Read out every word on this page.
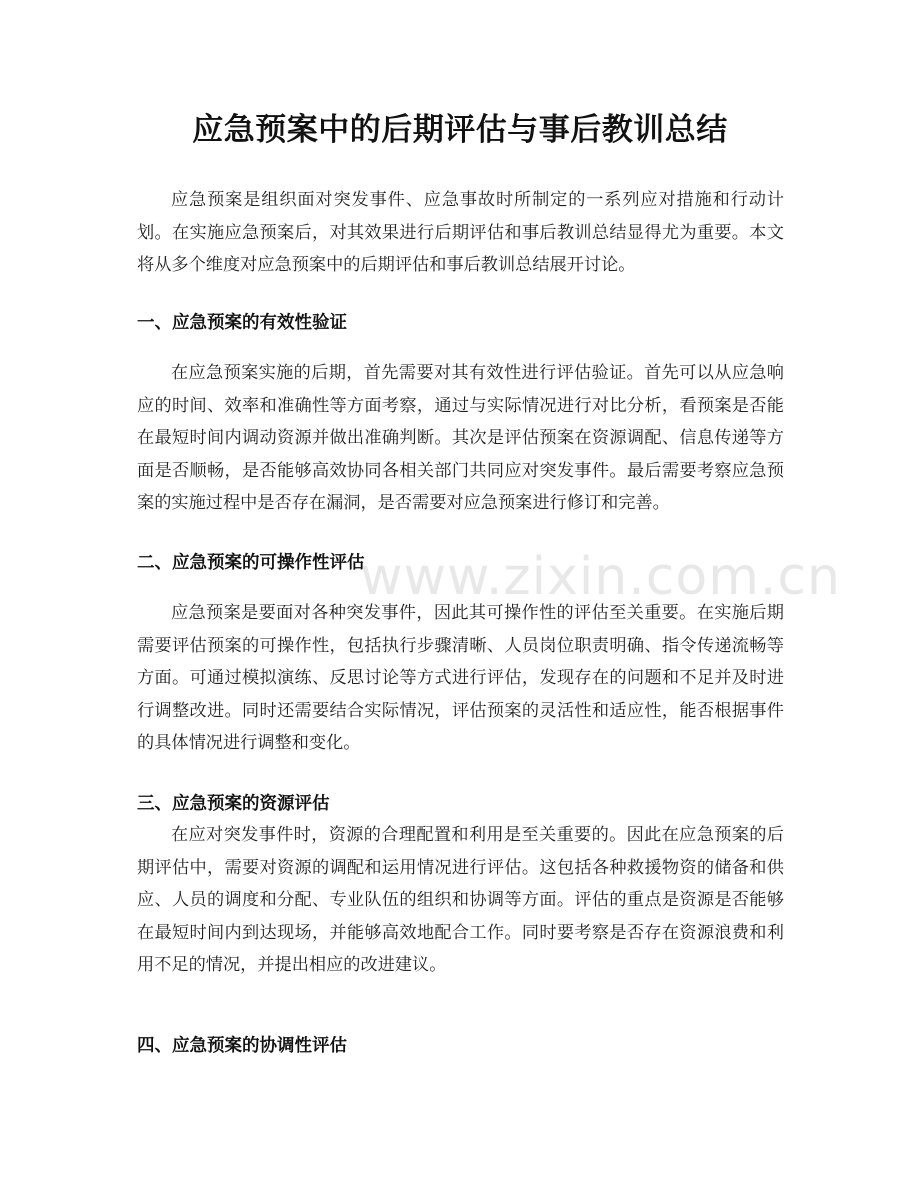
应急预案中的后期评估与事后教训总结

应急预案是组织面对突发事件、应急事故时所制定的一系列应对措施和行动计划。在实施应急预案后，对其效果进行后期评估和事后教训总结显得尤为重要。本文将从多个维度对应急预案中的后期评估和事后教训总结展开讨论。

一、应急预案的有效性验证

在应急预案实施的后期，首先需要对其有效性进行评估验证。首先可以从应急响应的时间、效率和准确性等方面考察，通过与实际情况进行对比分析，看预案是否能在最短时间内调动资源并做出准确判断。其次是评估预案在资源调配、信息传递等方面是否顺畅，是否能够高效协同各相关部门共同应对突发事件。最后需要考察应急预案的实施过程中是否存在漏洞，是否需要对应急预案进行修订和完善。

二、应急预案的可操作性评估

应急预案是要面对各种突发事件，因此其可操作性的评估至关重要。在实施后期需要评估预案的可操作性，包括执行步骤清晰、人员岗位职责明确、指令传递流畅等方面。可通过模拟演练、反思讨论等方式进行评估，发现存在的问题和不足并及时进行调整改进。同时还需要结合实际情况，评估预案的灵活性和适应性，能否根据事件的具体情况进行调整和变化。

三、应急预案的资源评估

在应对突发事件时，资源的合理配置和利用是至关重要的。因此在应急预案的后期评估中，需要对资源的调配和运用情况进行评估。这包括各种救援物资的储备和供应、人员的调度和分配、专业队伍的组织和协调等方面。评估的重点是资源是否能够在最短时间内到达现场，并能够高效地配合工作。同时要考察是否存在资源浪费和利用不足的情况，并提出相应的改进建议。

四、应急预案的协调性评估
www.zixin.com.cn
